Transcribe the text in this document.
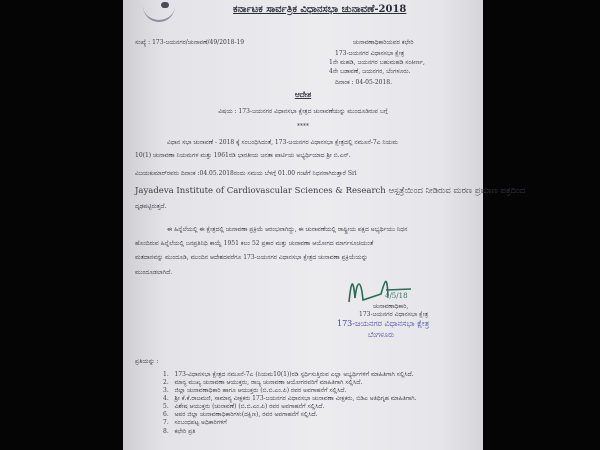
ಕರ್ನಾಟಕ ಸಾರ್ವತ್ರಿಕ ವಿಧಾನಸಭಾ ಚುನಾವಣೆ-2018
ಸಂಖ್ಯೆ : 173-ಜಯನಗರ/ಚುನಾವಣೆ/49/2018-19	ಚುನಾವಣಾಧಿಕಾರಿಯವರ ಕಛೇರಿ
173-ಜಯನಗರ ವಿಧಾನಸಭಾ ಕ್ಷೇತ್ರ
1ನೇ ಮಹಡಿ, ಜಯನಗರ ಬಹುಮಹಡಿ ಸಂಕೀರ್ಣ,
4ನೇ ಬಡಾವಣೆ, ಜಯನಗರ, ಬೆಂಗಳೂರು.
ದಿನಾಂಕ : 04-05-2018.
ಆದೇಶ
ವಿಷಯ : 173-ಜಯನಗರ ವಿಧಾನಸಭಾ ಕ್ಷೇತ್ರದ ಚುನಾವಣೆಯನ್ನು ಮುಂದೂಡಿರುವ ಬಗ್ಗೆ
****
ವಿಧಾನ ಸಭಾ ಚುನಾವಣೆ - 2018 ಕ್ಕೆ ಸಂಬಂಧಿಸಿದಂತೆ, 173-ಜಯನಗರ ವಿಧಾನಸಭಾ ಕ್ಷೇತ್ರದಲ್ಲಿ ನಮೂನೆ-7ಎ ನಿಯಮ
10(1) ಚುನಾವಣಾ ನಿಯಮಗಳ ಮತ್ತು 1961ರಡಿ ಭಾರತೀಯ ಜನತಾ ಪಾರ್ಟಿಯ ಅಭ್ಯರ್ಥಿಯಾದ ಶ್ರೀ ಬಿ.ಎನ್.
ವಿಜಯಕುಮಾರ್‌ರವರು ದಿನಾಂಕ :04.05.2018ರಂದು ಸಮಯ ಬೆಳಗ್ಗೆ 01.00 ಗಂಟೆಗೆ ನಿಧನರಾಗಿರುತ್ತಾರೆ Sri
Jayadeva Institute of Cardiovascular Sciences & Research ಆಸ್ಪತ್ರೆಯಿಂದ ನೀಡಿರುವ ಮರಣ ಪ್ರಮಾಣ ಪತ್ರದಿಂದ
ದೃಢಪಟ್ಟಿರುತ್ತದೆ.
ಈ ಹಿನ್ನೆಲೆಯಲ್ಲಿ ಈ ಕ್ಷೇತ್ರದಲ್ಲಿ ಚುನಾವಣಾ ಪ್ರಕ್ರಿಯೆ ಆರಂಭವಾಗಿದ್ದು, ಈ ಚುನಾವಣೆಯಲ್ಲಿ ರಾಷ್ಟ್ರೀಯ ಪಕ್ಷದ ಅಭ್ಯರ್ಥಿಯು ನಿಧನ
ಹೊಂದಿರುವ ಹಿನ್ನೆಲೆಯಲ್ಲಿ ಜನಪ್ರತಿನಿಧಿ ಕಾಯ್ದೆ 1951 ಕಲಂ 52 ಪ್ರಕಾರ ಮತ್ತು ಚುನಾವಣಾ ಆಯೋಗದ ಮಾರ್ಗಸೂಚಿಯಂತೆ
ಮತದಾನವನ್ನು ಮುಂದೂಡಿ, ಮುಂದಿನ ಆದೇಶದವರೆಗೂ 173-ಜಯನಗರ ವಿಧಾನಸಭಾ ಕ್ಷೇತ್ರದ ಚುನಾವಣಾ ಪ್ರಕ್ರಿಯೆಯನ್ನು
ಮುಂದೂಡಲಾಗಿದೆ.
4/5/18
ಚುನಾವಣಾಧಿಕಾರಿ,
173-ಜಯನಗರ ವಿಧಾನಸಭಾ ಕ್ಷೇತ್ರ
173-ಜಯನಗರ ವಿಧಾನಸಭಾ ಕ್ಷೇತ್ರ
ಬೆಂಗಳೂರು
ಪ್ರತಿಯನ್ನು :
1. 173-ವಿಧಾನಸಭಾ ಕ್ಷೇತ್ರದ ನಮೂನೆ-7ಎ (ನಿಯಮ10(1))ರಡಿ ಸ್ಪರ್ಧಿಸುತ್ತಿರುವ ಎಲ್ಲಾ ಅಭ್ಯರ್ಥಿಗಳಿಗೆ ಮಾಹಿತಿಗಾಗಿ ಸಲ್ಲಿಸಿದೆ.
2. ಮಾನ್ಯ ಮುಖ್ಯ ಚುನಾವಣಾ ಆಯುಕ್ತರು, ರಾಜ್ಯ ಚುನಾವಣಾ ಆಯೋಗರವರಿಗೆ ಮಾಹಿತಿಗಾಗಿ ಸಲ್ಲಿಸಿದೆ.
3. ಜಿಲ್ಲಾ ಚುನಾವಣಾಧಿಕಾರಿ ಹಾಗೂ ಆಯುಕ್ತರು (ಬಿ.ಬಿ.ಎಂ.ಪಿ) ರವರ ಅವಗಾಹನೆಗೆ ಸಲ್ಲಿಸಿದೆ.
4. ಶ್ರೀ ಕೆ.ಕೆ.ರಾಜಮಣಿ, ಸಾಮಾನ್ಯ ವೀಕ್ಷಕರು 173-ಜಯನಗರ ವಿಧಾನಸಭಾ ಚುನಾವಣಾ ವೀಕ್ಷಕರು, ಬಿಡಿಎ ಅತಿಥಿಗೃಹ ಮಾಹಿತಿಗಾಗಿ.
5. ವಿಶೇಷ ಆಯುಕ್ತರು (ಚುನಾವಣೆ) (ಬಿ.ಬಿ.ಎಂ.ಪಿ) ರವರ ಅವಗಾಹನೆಗೆ ಸಲ್ಲಿಸಿದೆ.
6. ಅಪರ ಜಿಲ್ಲಾ ಚುನಾವಣಾಧಿಕಾರಿಗಳು(ದಕ್ಷಿಣ), ರವರ ಅವಗಾಹನೆಗೆ ಸಲ್ಲಿಸಿದೆ.
7. ಸಂಬಂಧಪಟ್ಟ ಅಧಿಕಾರಿಗಳಿಗೆ
8. ಕಛೇರಿ ಪ್ರತಿ
